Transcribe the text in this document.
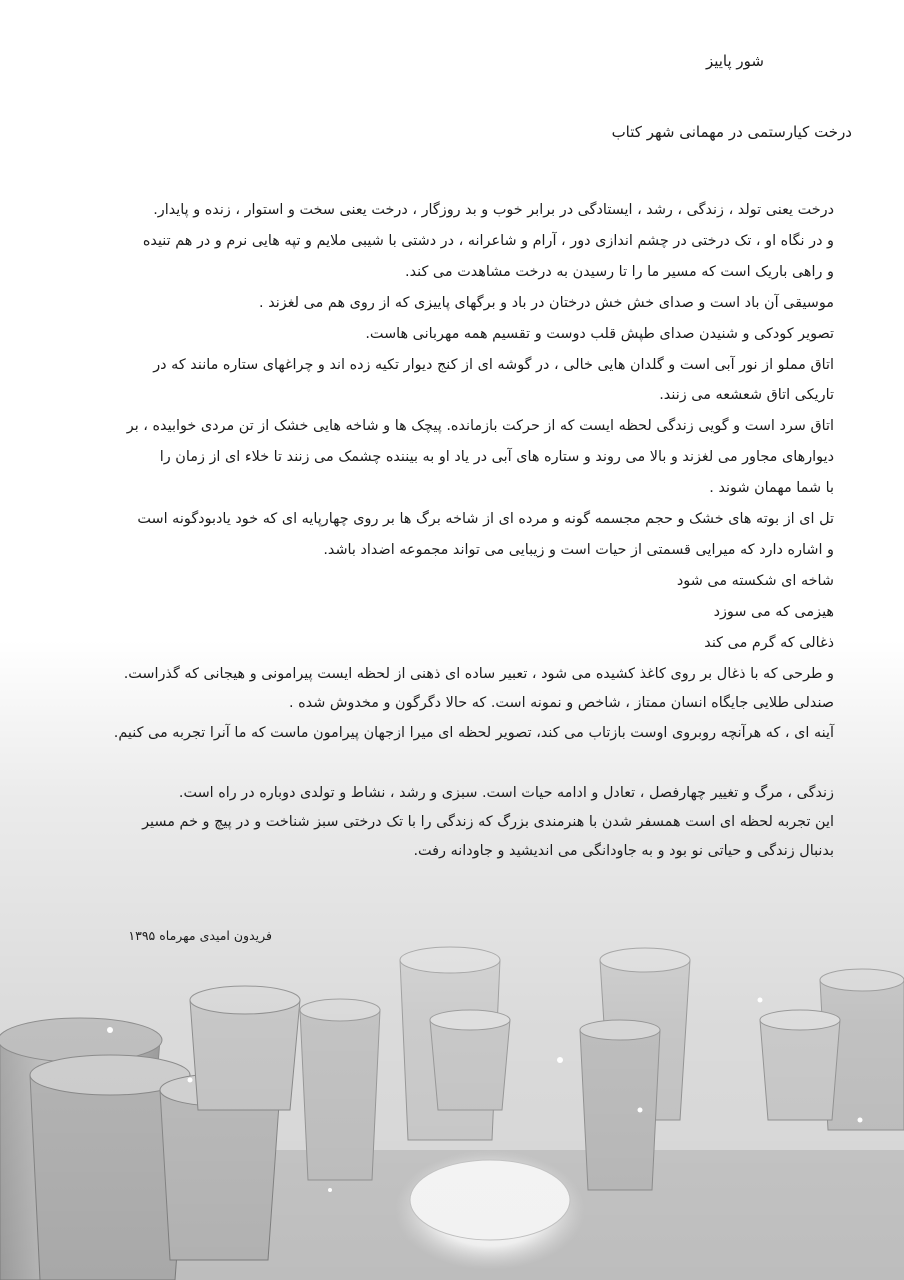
شور پاییز
درخت کیارستمی در مهمانی شهر کتاب
درخت یعنی تولد ، زندگی ، رشد ، ایستادگی در برابر خوب و بد روزگار ، درخت یعنی سخت و استوار ، زنده و پایدار.
و در نگاه او ، تک درختی در چشم اندازی دور ، آرام و شاعرانه ، در دشتی با شیبی ملایم و تپه هایی نرم و در هم تنیده
و راهی باریک است که مسیر ما را تا رسیدن به درخت مشاهدت می کند.
موسیقی آن باد است و صدای خش خش درختان در باد و برگهای پاییزی که از روی هم می لغزند .
تصویر کودکی و شنیدن صدای طپش قلب دوست و تقسیم همه مهربانی هاست.
اتاق مملو از نور آبی است و گلدان هایی خالی ، در گوشه ای از کنج دیوار تکیه زده اند و چراغهای ستاره مانند که در
تاریکی اتاق شعشعه می زنند.
اتاق سرد است و گویی زندگی لحظه ایست که از حرکت بازمانده. پیچک ها و شاخه هایی خشک از تن مردی خوابیده ، بر
دیوارهای مجاور می لغزند و بالا می روند و ستاره های آبی در یاد او به بیننده چشمک می زنند تا خلاء ای از زمان را
با شما مهمان شوند .
تل ای از بوته های خشک و حجم مجسمه گونه و مرده ای از شاخه برگ ها بر روی چهارپایه ای که خود یادبودگونه است
و اشاره دارد که میرایی قسمتی از حیات است و زیبایی می تواند مجموعه اضداد باشد.
شاخه ای شکسته می شود
هیزمی که می سوزد
ذغالی که گرم می کند
و طرحی که با ذغال بر روی کاغذ کشیده می شود ، تعبیر ساده ای ذهنی از لحظه ایست پیرامونی و هیجانی که گذراست.
صندلی طلایی جایگاه انسان ممتاز ، شاخص و نمونه است. که حالا دگرگون و مخدوش شده .
آینه ای ، که هرآنچه روبروی اوست بازتاب می کند، تصویر لحظه ای میرا ازجهان پیرامون ماست که ما آنرا تجربه می کنیم.
زندگی ، مرگ و تغییر چهارفصل ، تعادل و ادامه حیات است. سبزی و رشد ، نشاط و تولدی دوباره در راه است.
این تجربه لحظه ای است همسفر شدن با هنرمندی بزرگ که زندگی را با تک درختی سبز شناخت و در پیچ و خم مسیر
بدنبال زندگی و حیاتی نو بود و به جاودانگی می اندیشید و جاودانه رفت.
فریدون امیدی مهرماه ۱۳۹۵
